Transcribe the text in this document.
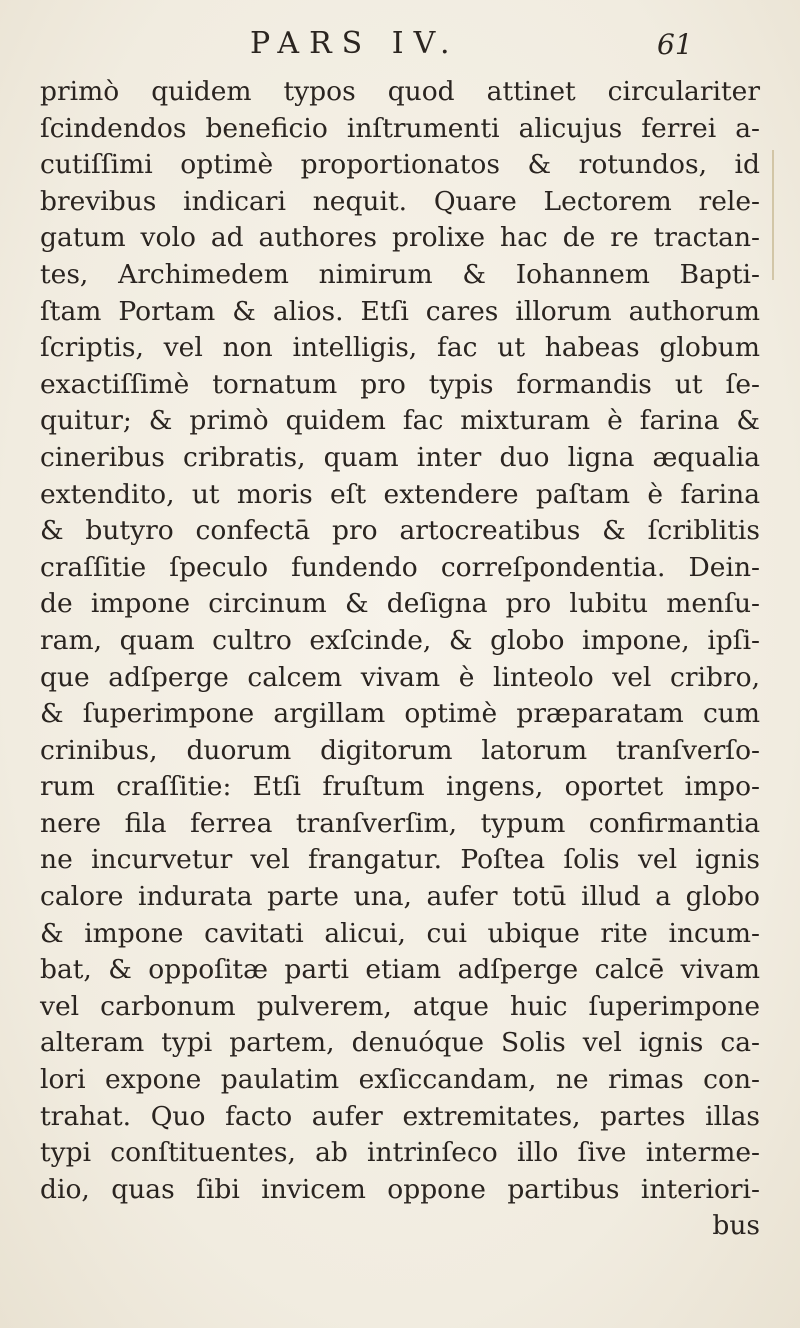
PARS IV.	61
primò quidem typos quod attinet circulariter
ſcindendos beneficio inſtrumenti alicujus ferrei a-
cutiſſimi optimè proportionatos & rotundos, id
brevibus indicari nequit. Quare Lectorem rele-
gatum volo ad authores prolixe hac de re tractan-
tes, Archimedem nimirum & Iohannem Bapti-
ſtam Portam & alios. Etſi cares illorum authorum
ſcriptis, vel non intelligis, fac ut habeas globum
exactiſſimè tornatum pro typis formandis ut ſe-
quitur; & primò quidem fac mixturam è farina &
cineribus cribratis, quam inter duo ligna æqualia
extendito, ut moris eſt extendere paſtam è farina
& butyro confectā pro artocreatibus & ſcriblitis
craſſitie ſpeculo fundendo correſpondentia. Dein-
de impone circinum & deſigna pro lubitu menſu-
ram, quam cultro exſcinde, & globo impone, ipſi-
que adſperge calcem vivam è linteolo vel cribro,
& ſuperimpone argillam optimè præparatam cum
crinibus, duorum digitorum latorum tranſverſo-
rum craſſitie: Etſi fruſtum ingens, oportet impo-
nere fila ferrea tranſverſim, typum confirmantia
ne incurvetur vel frangatur. Poſtea ſolis vel ignis
calore indurata parte una, aufer totū illud a globo
& impone cavitati alicui, cui ubique rite incum-
bat, & oppoſitæ parti etiam adſperge calcē vivam
vel carbonum pulverem, atque huic ſuperimpone
alteram typi partem, denuóque Solis vel ignis ca-
lori expone paulatim exſiccandam, ne rimas con-
trahat. Quo facto aufer extremitates, partes illas
typi conſtituentes, ab intrinſeco illo ſive interme-
dio, quas ſibi invicem oppone partibus interiori-
bus
